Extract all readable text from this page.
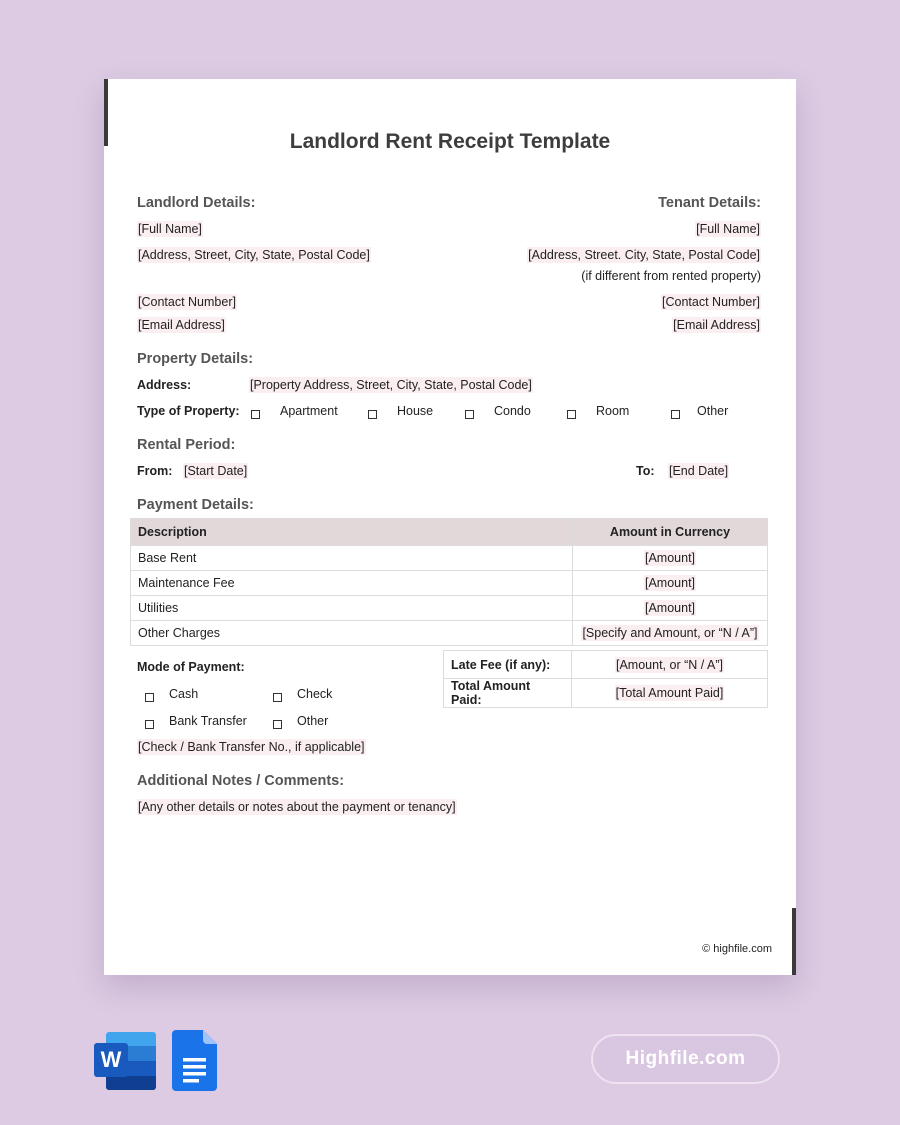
Landlord Rent Receipt Template
Landlord Details:	Tenant Details:
[Full Name]	[Full Name]
[Address, Street, City, State, Postal Code]	[Address, Street. City, State, Postal Code]
(if different from rented property)
[Contact Number]	[Contact Number]
[Email Address]	[Email Address]
Property Details:
Address:	[Property Address, Street, City, State, Postal Code]
Type of Property:	Apartment	House	Condo	Room	Other
Rental Period:
From: [Start Date]	To: [End Date]
Payment Details:
Description	Amount in Currency
Base Rent	[Amount]
Maintenance Fee	[Amount]
Utilities	[Amount]
Other Charges	[Specify and Amount, or “N / A”]
Late Fee (if any):	[Amount, or “N / A”]
Total Amount Paid:	[Total Amount Paid]
Mode of Payment:
Cash	Check
Bank Transfer	Other
[Check / Bank Transfer No., if applicable]
Additional Notes / Comments:
[Any other details or notes about the payment or tenancy]
© highfile.com
W	Highfile.com
